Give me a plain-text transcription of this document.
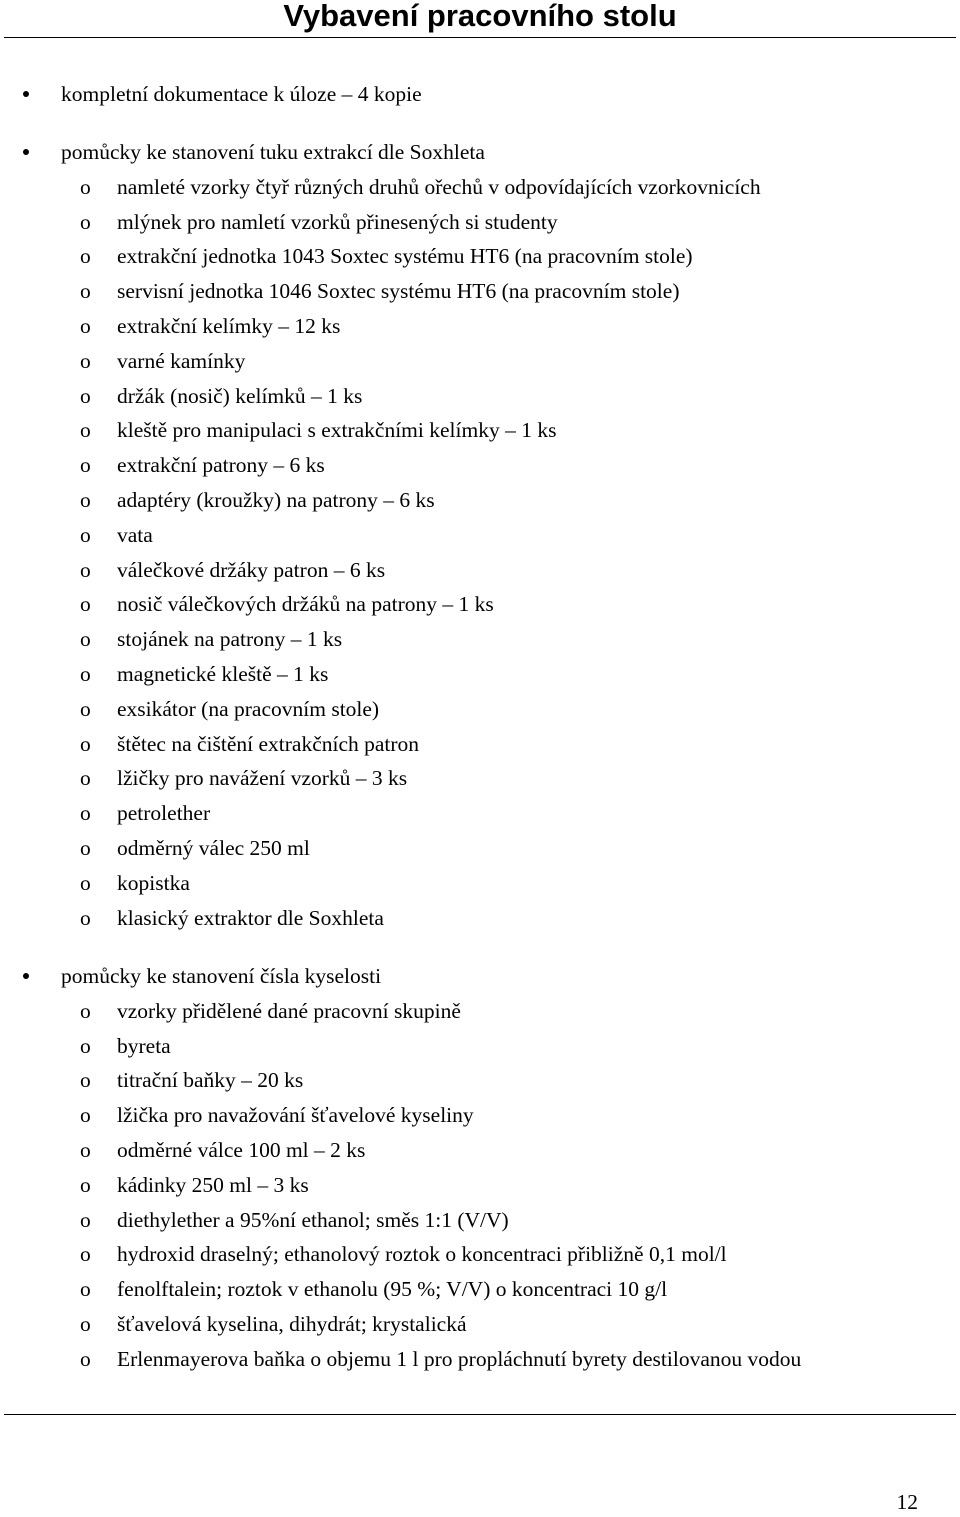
Vybavení pracovního stolu
kompletní dokumentace k úloze – 4 kopie
pomůcky ke stanovení tuku extrakcí dle Soxhleta
o namleté vzorky čtyř různých druhů ořechů v odpovídajících vzorkovnicích
o mlýnek pro namletí vzorků přinesených si studenty
o extrakční jednotka 1043 Soxtec systému HT6 (na pracovním stole)
o servisní jednotka 1046 Soxtec systému HT6 (na pracovním stole)
o extrakční kelímky – 12 ks
o varné kamínky
o držák (nosič) kelímků – 1 ks
o kleště pro manipulaci s extrakčními kelímky – 1 ks
o extrakční patrony – 6 ks
o adaptéry (kroužky) na patrony – 6 ks
o vata
o válečkové držáky patron – 6 ks
o nosič válečkových držáků na patrony – 1 ks
o stojánek na patrony – 1 ks
o magnetické kleště – 1 ks
o exsikátor (na pracovním stole)
o štětec na čištění extrakčních patron
o lžičky pro navážení vzorků – 3 ks
o petrolether
o odměrný válec 250 ml
o kopistka
o klasický extraktor dle Soxhleta
pomůcky ke stanovení čísla kyselosti
o vzorky přidělené dané pracovní skupině
o byreta
o titrační baňky – 20 ks
o lžička pro navažování šťavelové kyseliny
o odměrné válce 100 ml – 2 ks
o kádinky 250 ml – 3 ks
o diethylether a 95%ní ethanol; směs 1:1 (V/V)
o hydroxid draselný; ethanolový roztok o koncentraci přibližně 0,1 mol/l
o fenolftalein; roztok v ethanolu (95 %; V/V) o koncentraci 10 g/l
o šťavelová kyselina, dihydrát; krystalická
o Erlenmayerova baňka o objemu 1 l pro propláchnutí byrety destilovanou vodou
12
